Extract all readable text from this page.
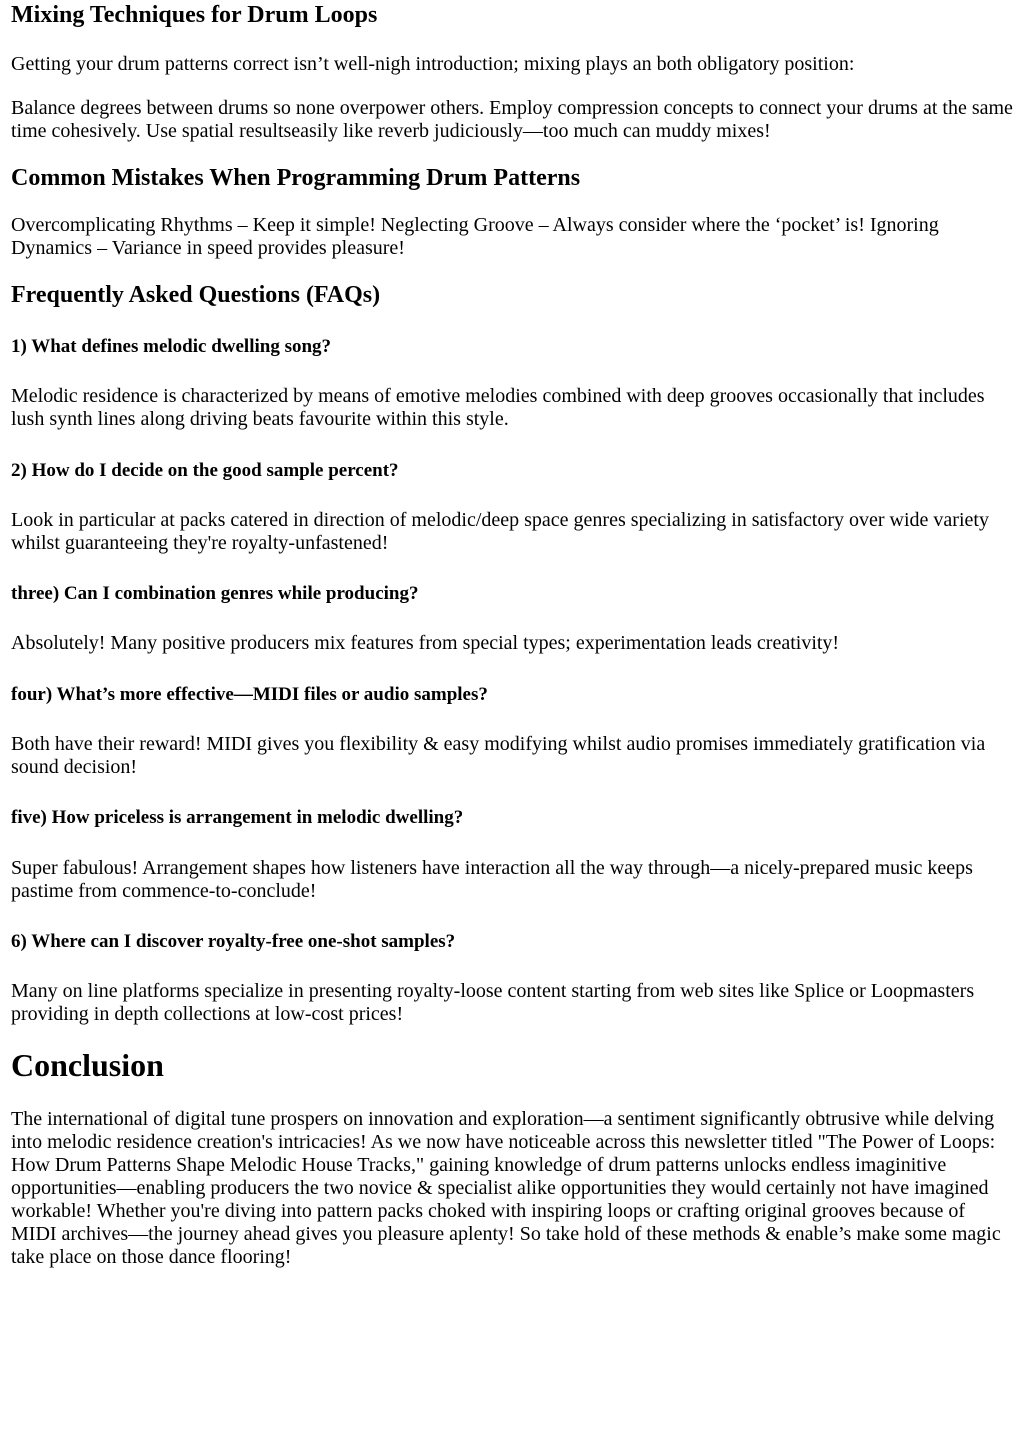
Mixing Techniques for Drum Loops

Getting your drum patterns correct isn’t well-nigh introduction; mixing plays an both obligatory position:

Balance degrees between drums so none overpower others. Employ compression concepts to connect your drums at the same time cohesively. Use spatial resultseasily like reverb judiciously—too much can muddy mixes!

Common Mistakes When Programming Drum Patterns

Overcomplicating Rhythms – Keep it simple! Neglecting Groove – Always consider where the ‘pocket’ is! Ignoring Dynamics – Variance in speed provides pleasure!

Frequently Asked Questions (FAQs)
1) What defines melodic dwelling song?

Melodic residence is characterized by means of emotive melodies combined with deep grooves occasionally that includes lush synth lines along driving beats favourite within this style.

2) How do I decide on the good sample percent?

Look in particular at packs catered in direction of melodic/deep space genres specializing in satisfactory over wide variety whilst guaranteeing they're royalty-unfastened!

three) Can I combination genres while producing?

Absolutely! Many positive producers mix features from special types; experimentation leads creativity!

four) What’s more effective—MIDI files or audio samples?

Both have their reward! MIDI gives you flexibility & easy modifying whilst audio promises immediately gratification via sound decision!

five) How priceless is arrangement in melodic dwelling?

Super fabulous! Arrangement shapes how listeners have interaction all the way through—a nicely-prepared music keeps pastime from commence-to-conclude!

6) Where can I discover royalty-free one-shot samples?

Many on line platforms specialize in presenting royalty-loose content starting from web sites like Splice or Loopmasters providing in depth collections at low-cost prices!

Conclusion

The international of digital tune prospers on innovation and exploration—a sentiment significantly obtrusive while delving into melodic residence creation's intricacies! As we now have noticeable across this newsletter titled "The Power of Loops: How Drum Patterns Shape Melodic House Tracks," gaining knowledge of drum patterns unlocks endless imaginitive opportunities—enabling producers the two novice & specialist alike opportunities they would certainly not have imagined workable! Whether you're diving into pattern packs choked with inspiring loops or crafting original grooves because of MIDI archives—the journey ahead gives you pleasure aplenty! So take hold of these methods & enable’s make some magic take place on those dance flooring!
